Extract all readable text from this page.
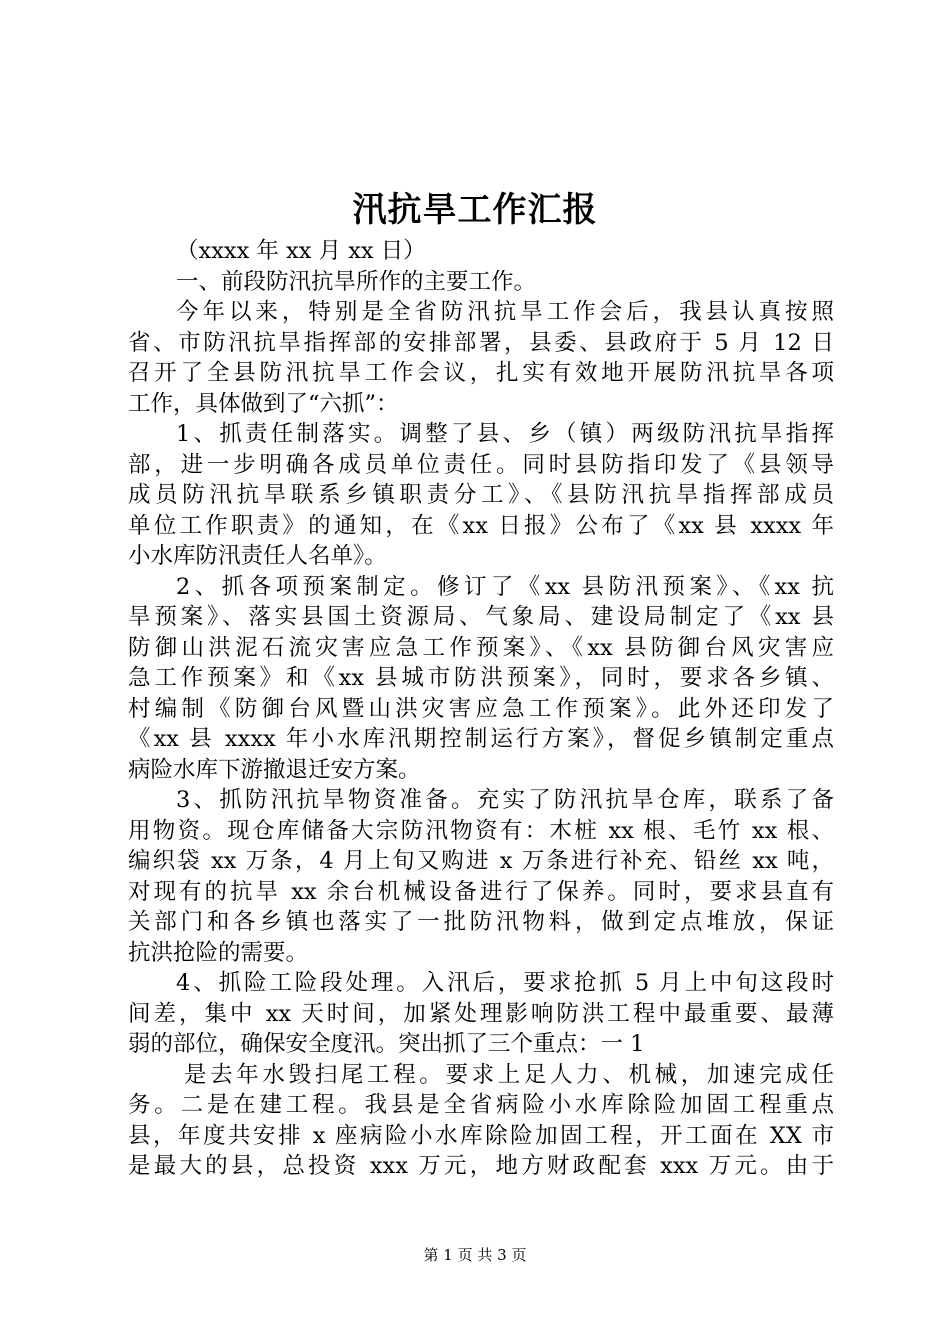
汛抗旱工作汇报
（xxxx 年 xx 月 xx 日）
一、前段防汛抗旱所作的主要工作。
今年以来，特别是全省防汛抗旱工作会后，我县认真按照
省、市防汛抗旱指挥部的安排部署，县委、县政府于 5 月 12 日
召开了全县防汛抗旱工作会议，扎实有效地开展防汛抗旱各项
工作，具体做到了“六抓”：
1、抓责任制落实。调整了县、乡（镇）两级防汛抗旱指挥
部，进一步明确各成员单位责任。同时县防指印发了《县领导
成员防汛抗旱联系乡镇职责分工》、《县防汛抗旱指挥部成员
单位工作职责》的通知，在《xx 日报》公布了《xx 县 xxxx 年
小水库防汛责任人名单》。
2、抓各项预案制定。修订了《xx 县防汛预案》、《xx 抗
旱预案》、落实县国土资源局、气象局、建设局制定了《xx 县
防御山洪泥石流灾害应急工作预案》、《xx 县防御台风灾害应
急工作预案》和《xx 县城市防洪预案》，同时，要求各乡镇、
村编制《防御台风暨山洪灾害应急工作预案》。此外还印发了
《xx 县 xxxx 年小水库汛期控制运行方案》，督促乡镇制定重点
病险水库下游撤退迁安方案。
3、抓防汛抗旱物资准备。充实了防汛抗旱仓库，联系了备
用物资。现仓库储备大宗防汛物资有：木桩 xx 根、毛竹 xx 根、
编织袋 xx 万条，4 月上旬又购进 x 万条进行补充、铅丝 xx 吨，
对现有的抗旱 xx 余台机械设备进行了保养。同时，要求县直有
关部门和各乡镇也落实了一批防汛物料，做到定点堆放，保证
抗洪抢险的需要。
4、抓险工险段处理。入汛后，要求抢抓 5 月上中旬这段时
间差，集中 xx 天时间，加紧处理影响防洪工程中最重要、最薄
弱的部位，确保安全度汛。突出抓了三个重点：一 1
是去年水毁扫尾工程。要求上足人力、机械，加速完成任
务。二是在建工程。我县是全省病险小水库除险加固工程重点
县，年度共安排 x 座病险小水库除险加固工程，开工面在 XX 市
是最大的县，总投资 xxx 万元，地方财政配套 xxx 万元。由于
第 1 页 共 3 页
